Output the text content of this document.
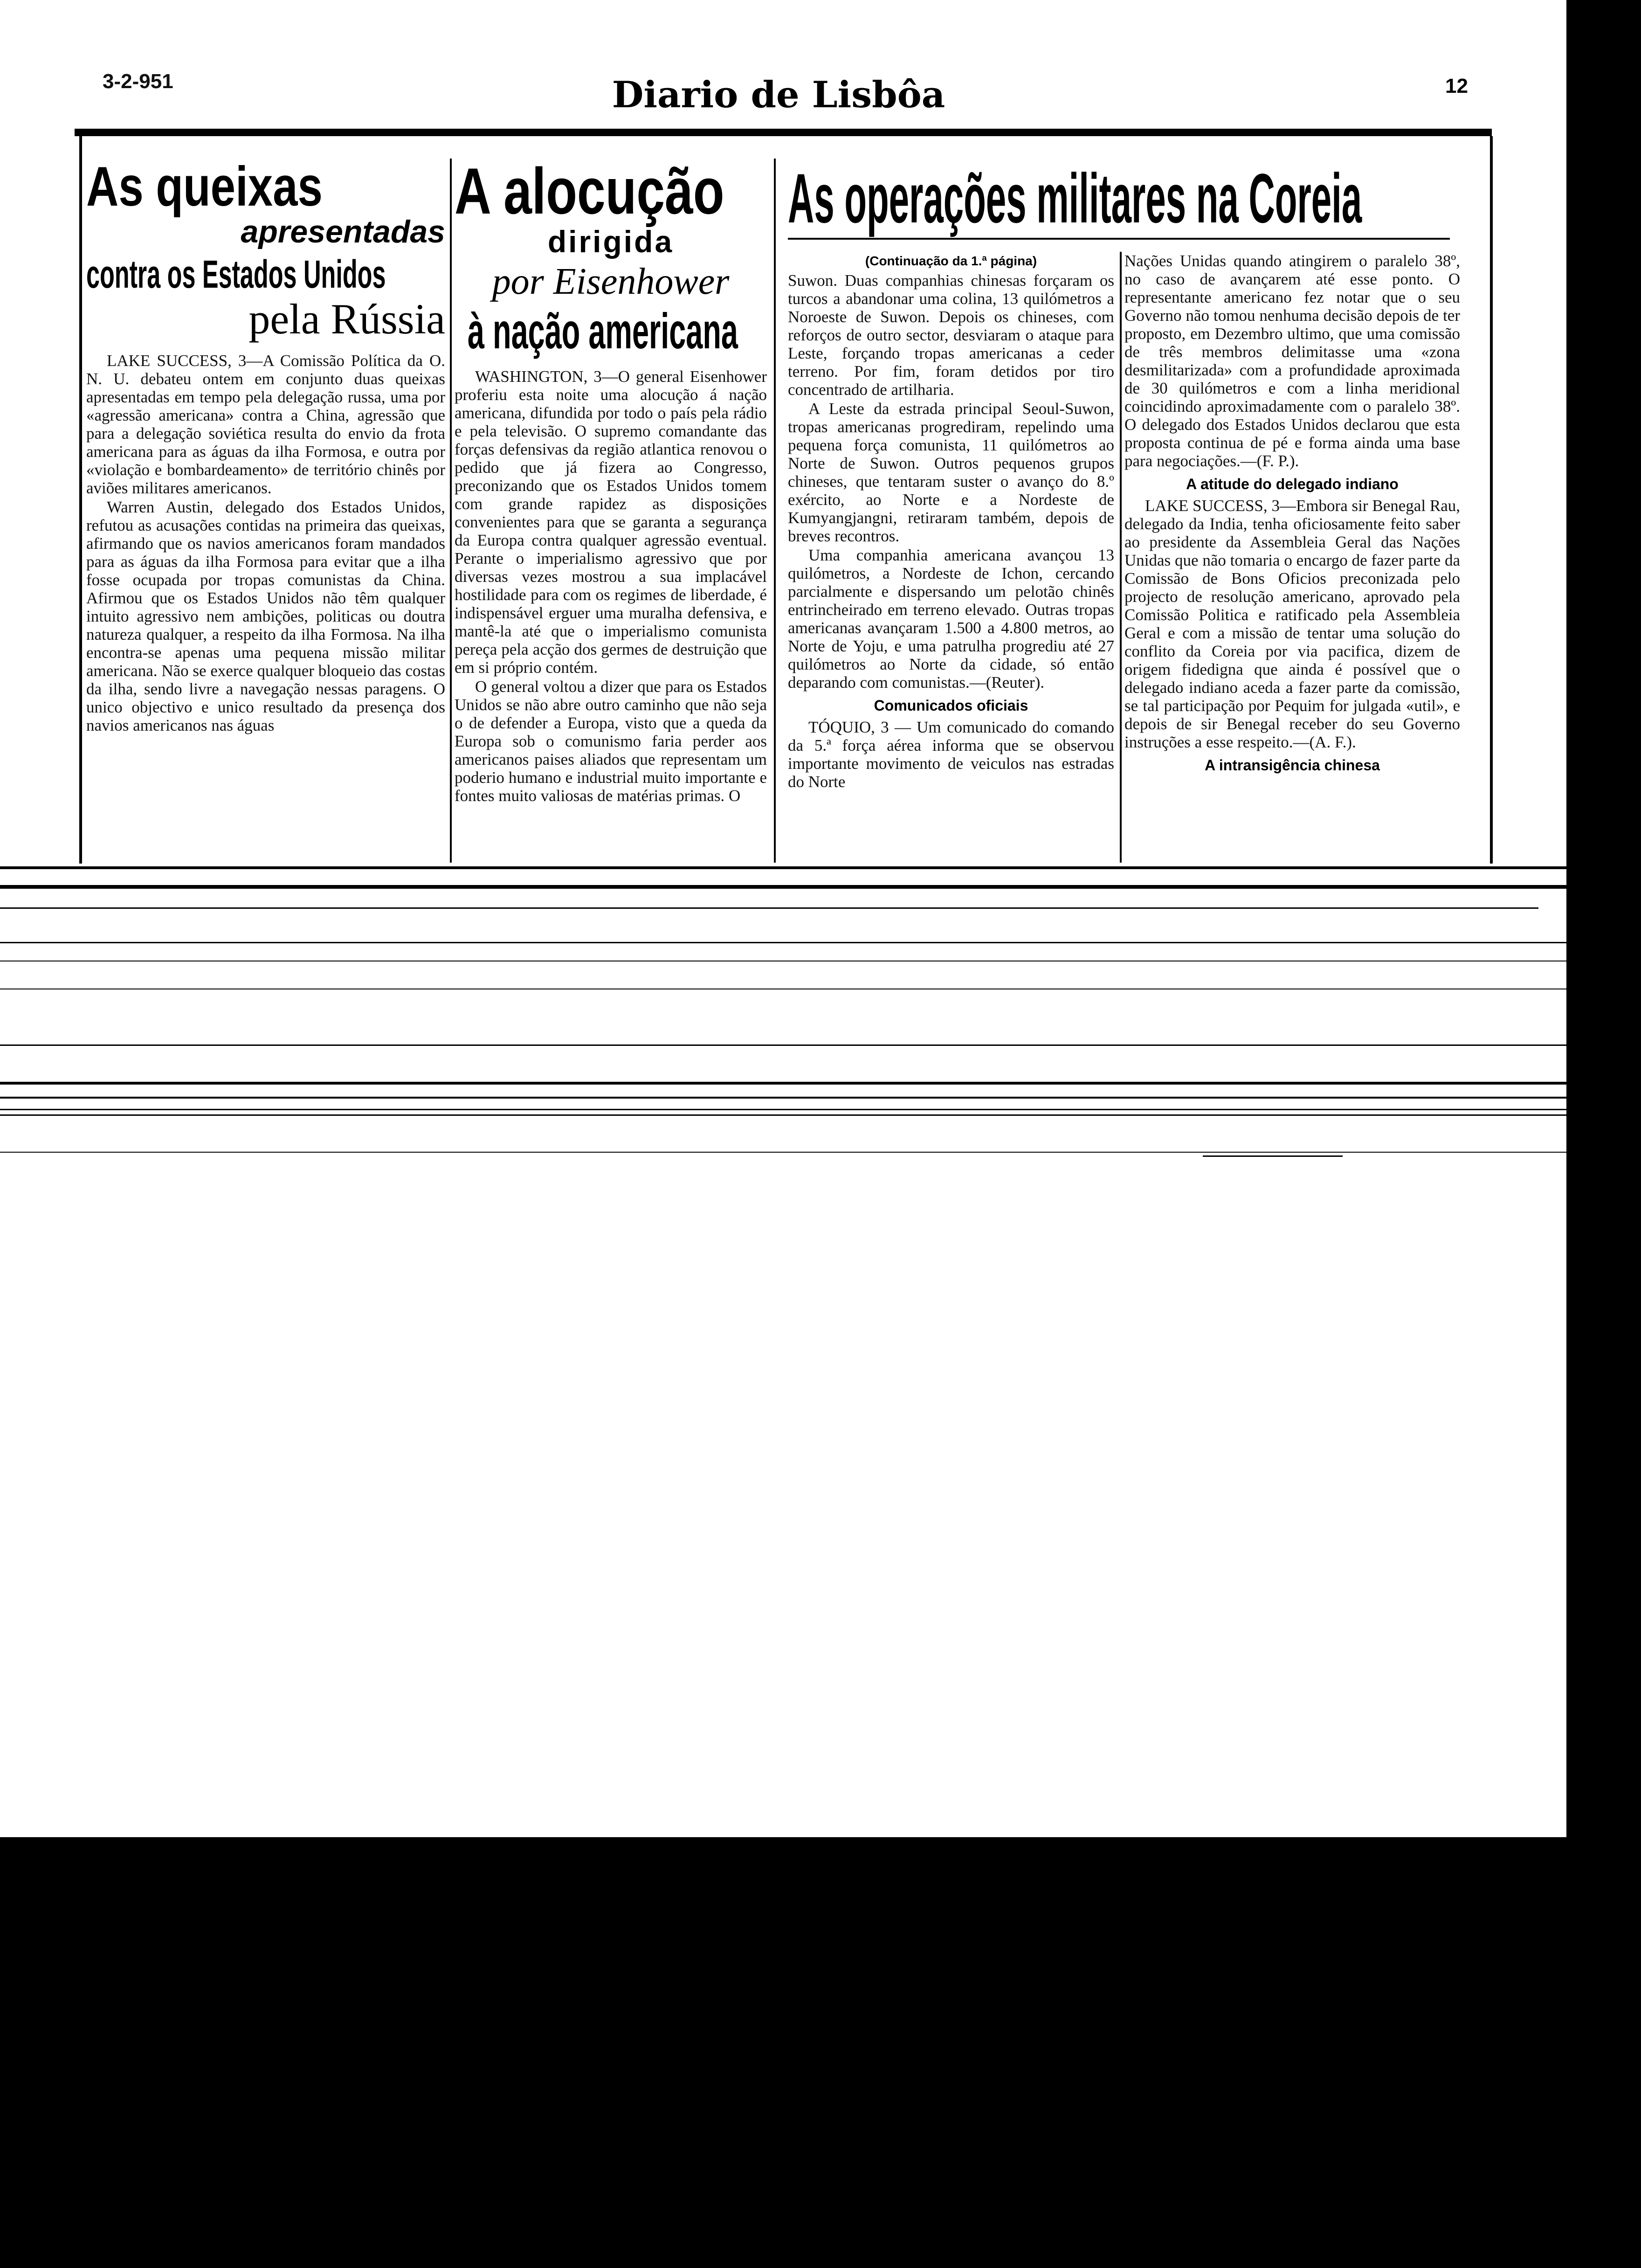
3-2-951	Diario de Lisbôa	12
As queixas
apresentadas
contra os Estados Unidos
pela Rússia

LAKE SUCCESS, 3—A Comissão Política da O. N. U. debateu ontem em conjunto duas queixas apresentadas em tempo pela delegação russa, uma por «agressão americana» contra a China, agressão que para a delegação soviética resulta do envio da frota americana para as águas da ilha Formosa, e outra por «violação e bombardeamento» de território chinês por aviões militares americanos.

Warren Austin, delegado dos Estados Unidos, refutou as acusações contidas na primeira das queixas, afirmando que os navios americanos foram mandados para as águas da ilha Formosa para evitar que a ilha fosse ocupada por tropas comunistas da China. Afirmou que os Estados Unidos não têm qualquer intuito agressivo nem ambições, politicas ou doutra natureza qualquer, a respeito da ilha Formosa. Na ilha encontra-se apenas uma pequena missão militar americana. Não se exerce qualquer bloqueio das costas da ilha, sendo livre a navegação nessas paragens. O unico objectivo e unico resultado da presença dos navios americanos nas águas

A alocução
dirigida
por Eisenhower
à nação americana

WASHINGTON, 3—O general Eisenhower proferiu esta noite uma alocução á nação americana, difundida por todo o país pela rádio e pela televisão. O supremo comandante das forças defensivas da região atlantica renovou o pedido que já fizera ao Congresso, preconizando que os Estados Unidos tomem com grande rapidez as disposições convenientes para que se garanta a segurança da Europa contra qualquer agressão eventual. Perante o imperialismo agressivo que por diversas vezes mostrou a sua implacável hostilidade para com os regimes de liberdade, é indispensável erguer uma muralha defensiva, e mantê-la até que o imperialismo comunista pereça pela acção dos germes de destruição que em si próprio contém.

O general voltou a dizer que para os Estados Unidos se não abre outro caminho que não seja o de defender a Europa, visto que a queda da Europa sob o comunismo faria perder aos americanos paises aliados que representam um poderio humano e industrial muito importante e fontes muito valiosas de matérias primas. O

As operações militares na Coreia
(Continuação da 1.ª página)

Suwon. Duas companhias chinesas forçaram os turcos a abandonar uma colina, 13 quilómetros a Noroeste de Suwon. Depois os chineses, com reforços de outro sector, desviaram o ataque para Leste, forçando tropas americanas a ceder terreno. Por fim, foram detidos por tiro concentrado de artilharia.

A Leste da estrada principal Seoul-Suwon, tropas americanas progrediram, repelindo uma pequena força comunista, 11 quilómetros ao Norte de Suwon. Outros pequenos grupos chineses, que tentaram suster o avanço do 8.º exército, ao Norte e a Nordeste de Kumyangjangni, retiraram também, depois de breves recontros.

Uma companhia americana avançou 13 quilómetros, a Nordeste de Ichon, cercando parcialmente e dispersando um pelotão chinês entrincheirado em terreno elevado. Outras tropas americanas avançaram 1.500 a 4.800 metros, ao Norte de Yoju, e uma patrulha progrediu até 27 quilómetros ao Norte da cidade, só então deparando com comunistas.—(Reuter).

Comunicados oficiais

TÓQUIO, 3 — Um comunicado do comando da 5.ª força aérea informa que se observou importante movimento de veiculos nas estradas do Norte

Nações Unidas quando atingirem o paralelo 38º, no caso de avançarem até esse ponto. O representante americano fez notar que o seu Governo não tomou nenhuma decisão depois de ter proposto, em Dezembro ultimo, que uma comissão de três membros delimitasse uma «zona desmilitarizada» com a profundidade aproximada de 30 quilómetros e com a linha meridional coincidindo aproximadamente com o paralelo 38º. O delegado dos Estados Unidos declarou que esta proposta continua de pé e forma ainda uma base para negociações.—(F. P.).

A atitude do delegado indiano

LAKE SUCCESS, 3—Embora sir Benegal Rau, delegado da India, tenha oficiosamente feito saber ao presidente da Assembleia Geral das Nações Unidas que não tomaria o encargo de fazer parte da Comissão de Bons Oficios preconizada pelo projecto de resolução americano, aprovado pela Comissão Politica e ratificado pela Assembleia Geral e com a missão de tentar uma solução do conflito da Coreia por via pacifica, dizem de origem fidedigna que ainda é possível que o delegado indiano aceda a fazer parte da comissão, se tal participação por Pequim for julgada «util», e depois de sir Benegal receber do seu Governo instruções a esse respeito.—(A. F.).

A intransigência chinesa
